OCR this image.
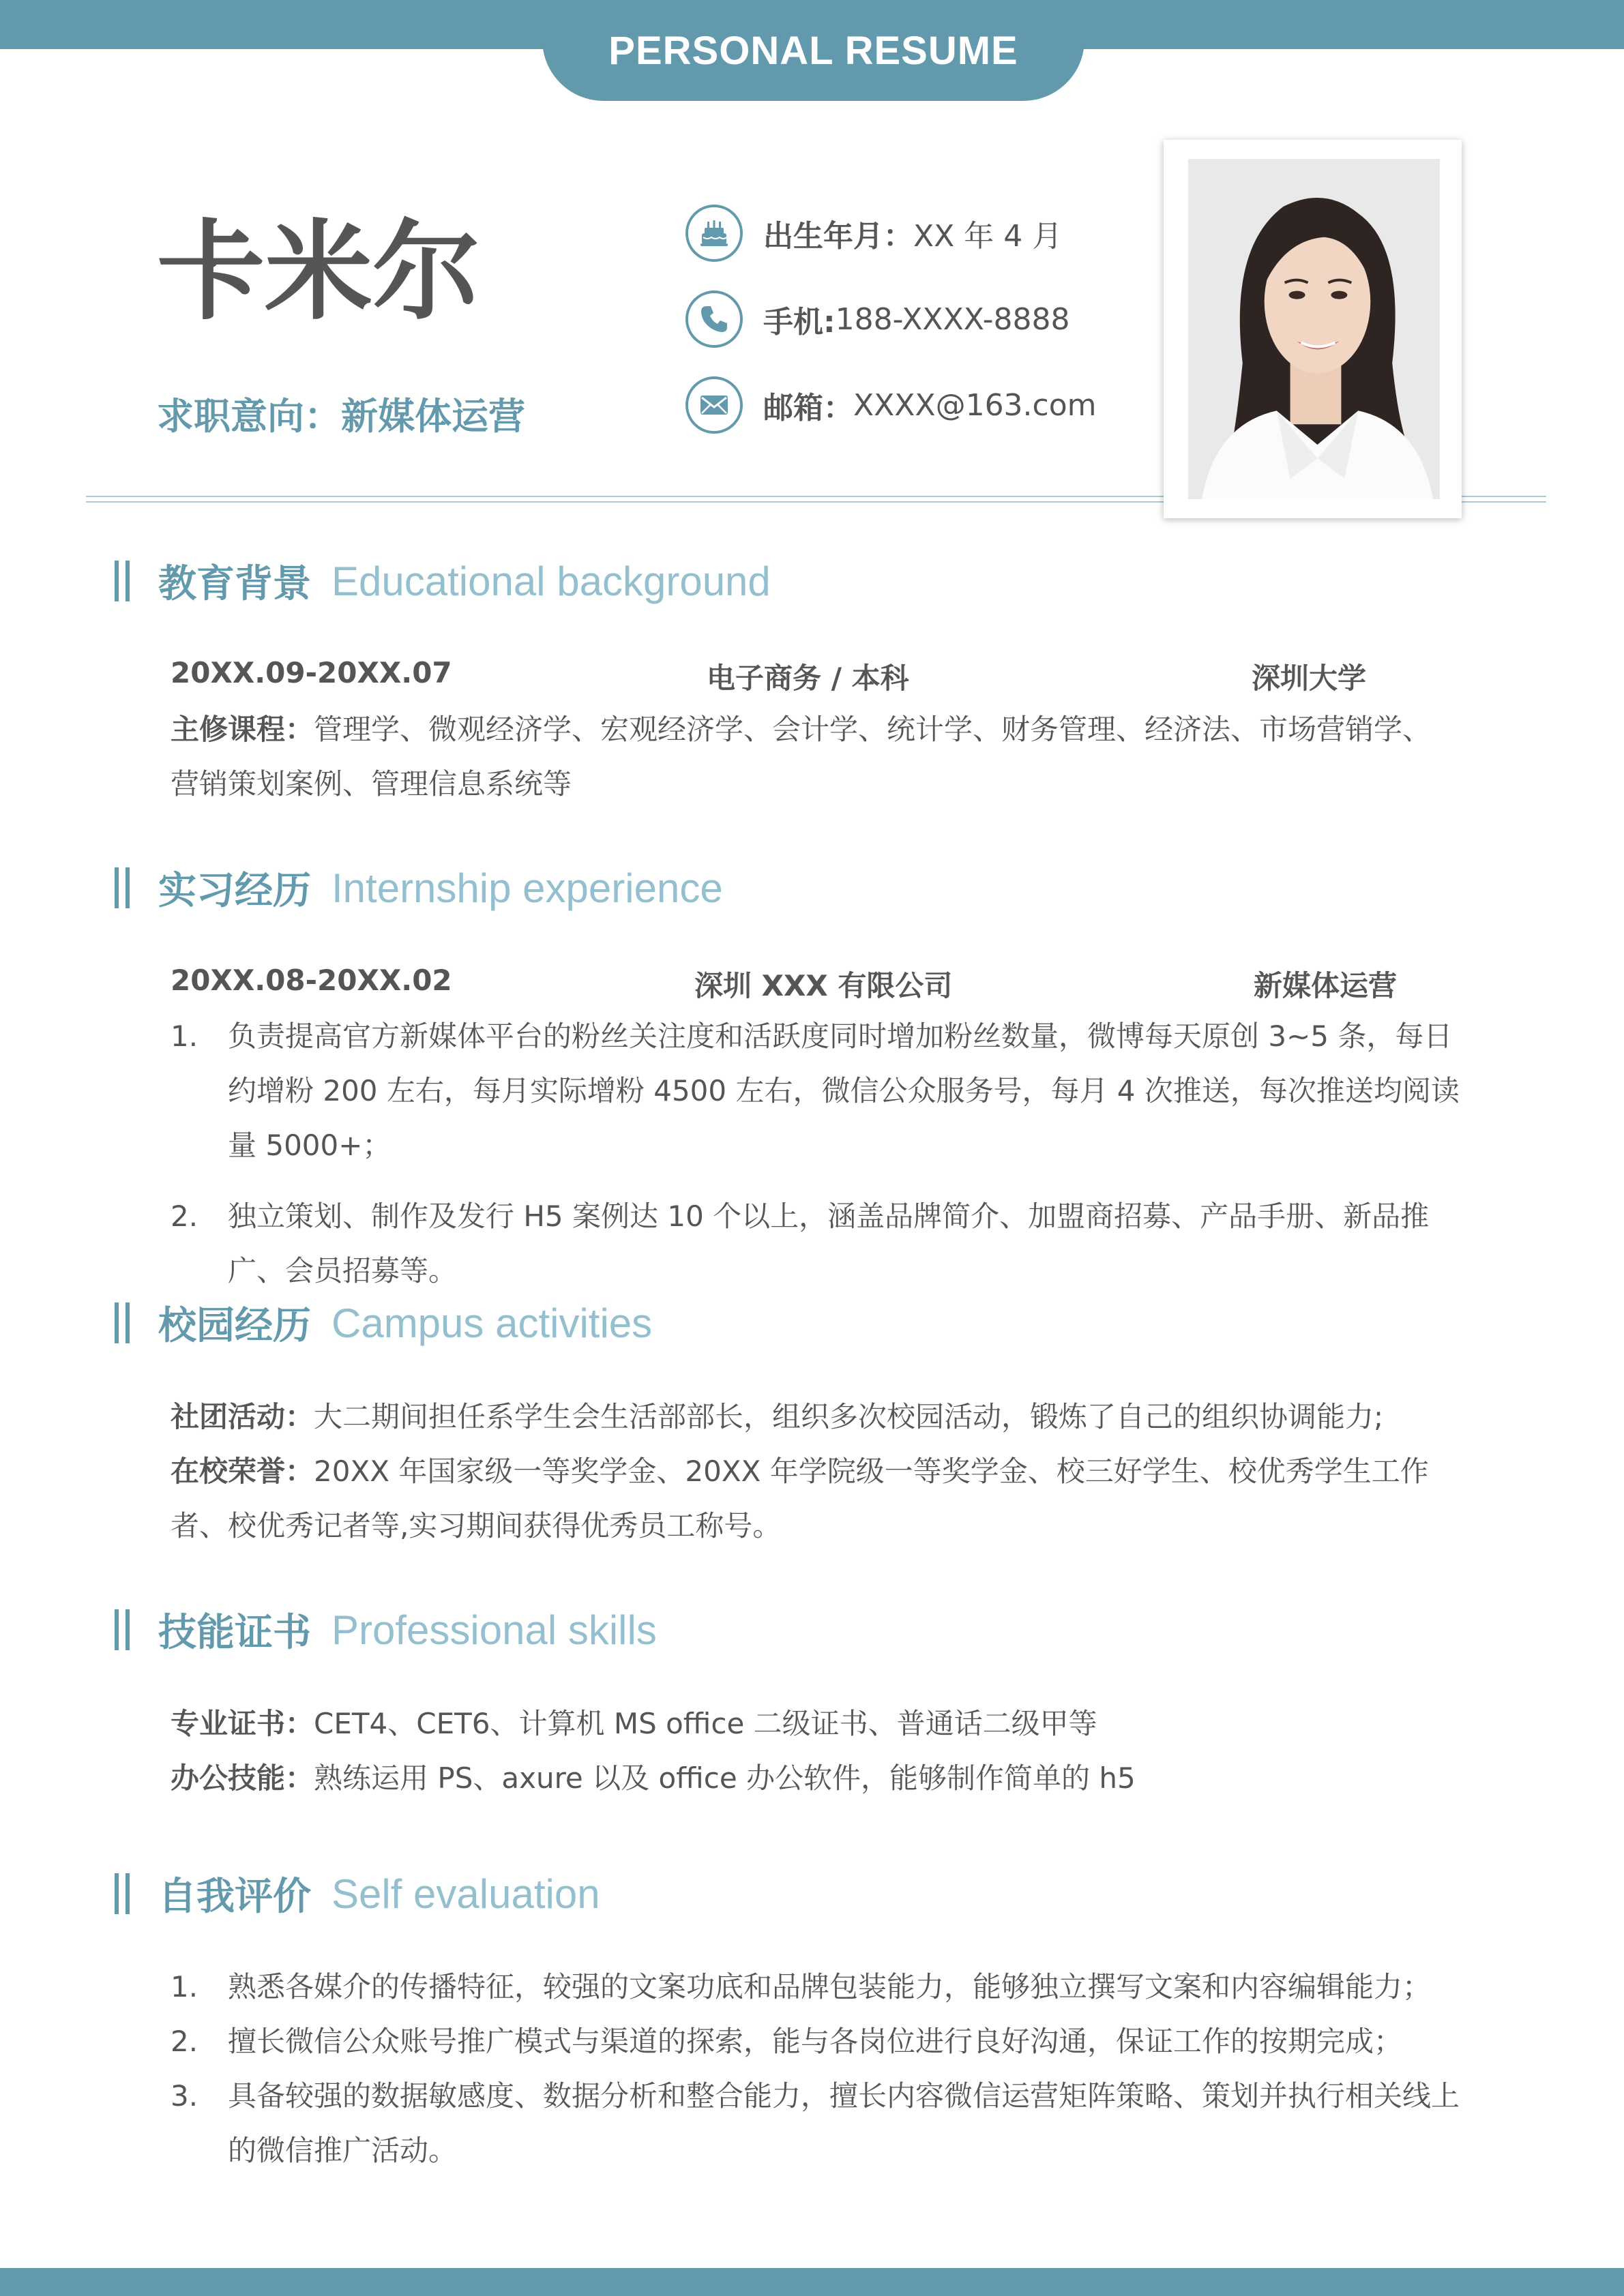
PERSONAL RESUME
卡米尔
求职意向：新媒体运营
出生年月： XX 年 4 月
手机: 188-XXXX-8888
邮箱： XXXX@163.com
教育背景 Educational background
20XX.09-20XX.07	电子商务 / 本科	深圳大学
主修课程：管理学、微观经济学、宏观经济学、会计学、统计学、财务管理、经济法、市场营销学、营销策划案例、管理信息系统等
实习经历 Internship experience
20XX.08-20XX.02	深圳 XXX 有限公司	新媒体运营
1.	负责提高官方新媒体平台的粉丝关注度和活跃度同时增加粉丝数量，微博每天原创 3~5 条，每日约增粉 200 左右，每月实际增粉 4500 左右，微信公众服务号，每月 4 次推送，每次推送均阅读量 5000+；
2.	独立策划、制作及发行 H5 案例达 10 个以上，涵盖品牌简介、加盟商招募、产品手册、新品推广、会员招募等。
校园经历 Campus activities
社团活动：大二期间担任系学生会生活部部长，组织多次校园活动，锻炼了自己的组织协调能力;
在校荣誉：20XX 年国家级一等奖学金、20XX 年学院级一等奖学金、校三好学生、校优秀学生工作者、校优秀记者等,实习期间获得优秀员工称号。
技能证书 Professional skills
专业证书：CET4、CET6、计算机 MS office 二级证书、普通话二级甲等
办公技能：熟练运用 PS、axure 以及 office 办公软件，能够制作简单的 h5
自我评价 Self evaluation
1.	熟悉各媒介的传播特征，较强的文案功底和品牌包装能力，能够独立撰写文案和内容编辑能力；
2.	擅长微信公众账号推广模式与渠道的探索，能与各岗位进行良好沟通，保证工作的按期完成；
3.	具备较强的数据敏感度、数据分析和整合能力，擅长内容微信运营矩阵策略、策划并执行相关线上的微信推广活动。
